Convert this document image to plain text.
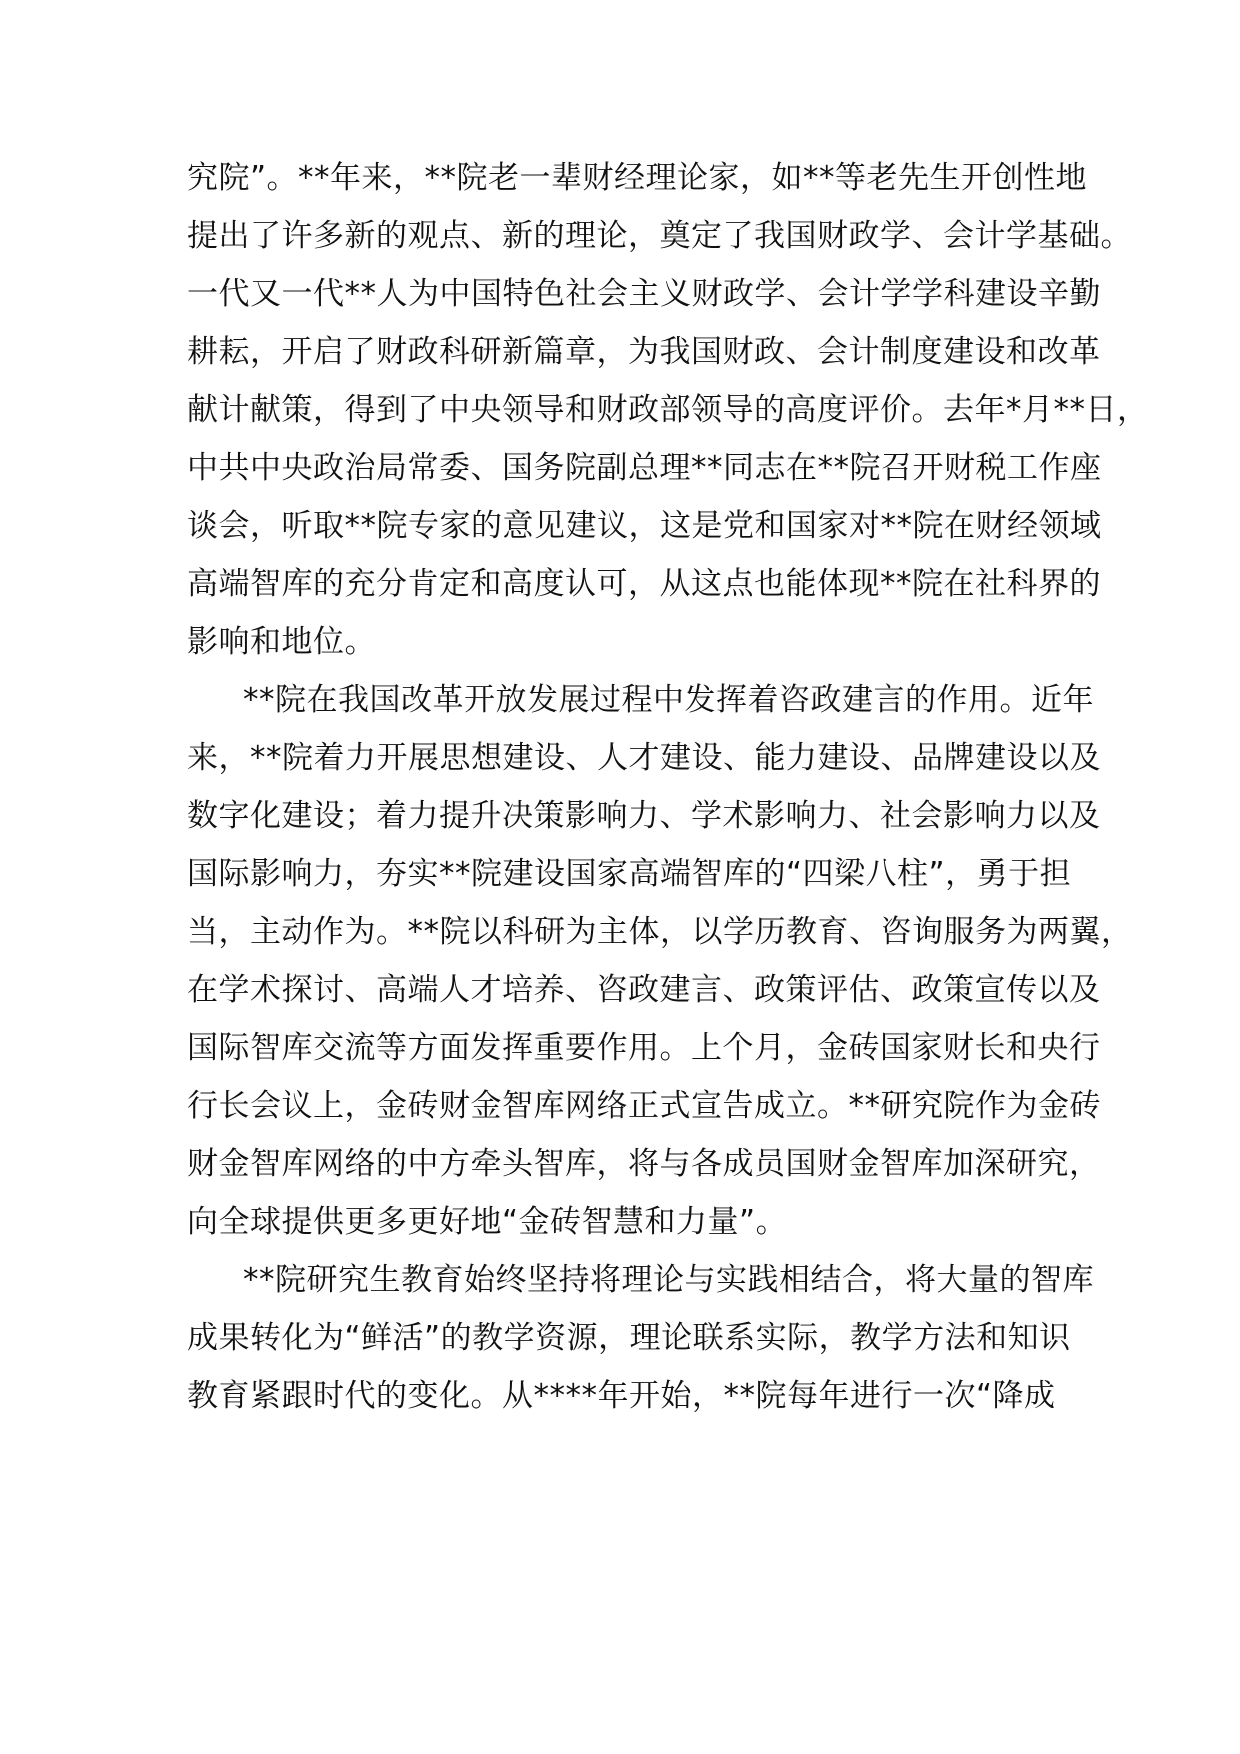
究院”。**年来，**院老一辈财经理论家，如**等老先生开创性地
提出了许多新的观点、新的理论，奠定了我国财政学、会计学基础。
一代又一代**人为中国特色社会主义财政学、会计学学科建设辛勤
耕耘，开启了财政科研新篇章，为我国财政、会计制度建设和改革
献计献策，得到了中央领导和财政部领导的高度评价。去年*月**日，
中共中央政治局常委、国务院副总理**同志在**院召开财税工作座
谈会，听取**院专家的意见建议，这是党和国家对**院在财经领域
高端智库的充分肯定和高度认可，从这点也能体现**院在社科界的
影响和地位。
**院在我国改革开放发展过程中发挥着咨政建言的作用。近年
来，**院着力开展思想建设、人才建设、能力建设、品牌建设以及
数字化建设；着力提升决策影响力、学术影响力、社会影响力以及
国际影响力，夯实**院建设国家高端智库的“四梁八柱”，勇于担
当，主动作为。**院以科研为主体，以学历教育、咨询服务为两翼，
在学术探讨、高端人才培养、咨政建言、政策评估、政策宣传以及
国际智库交流等方面发挥重要作用。上个月，金砖国家财长和央行
行长会议上，金砖财金智库网络正式宣告成立。**研究院作为金砖
财金智库网络的中方牵头智库，将与各成员国财金智库加深研究，
向全球提供更多更好地“金砖智慧和力量”。
**院研究生教育始终坚持将理论与实践相结合，将大量的智库
成果转化为“鲜活”的教学资源，理论联系实际，教学方法和知识
教育紧跟时代的变化。从****年开始，**院每年进行一次“降成
